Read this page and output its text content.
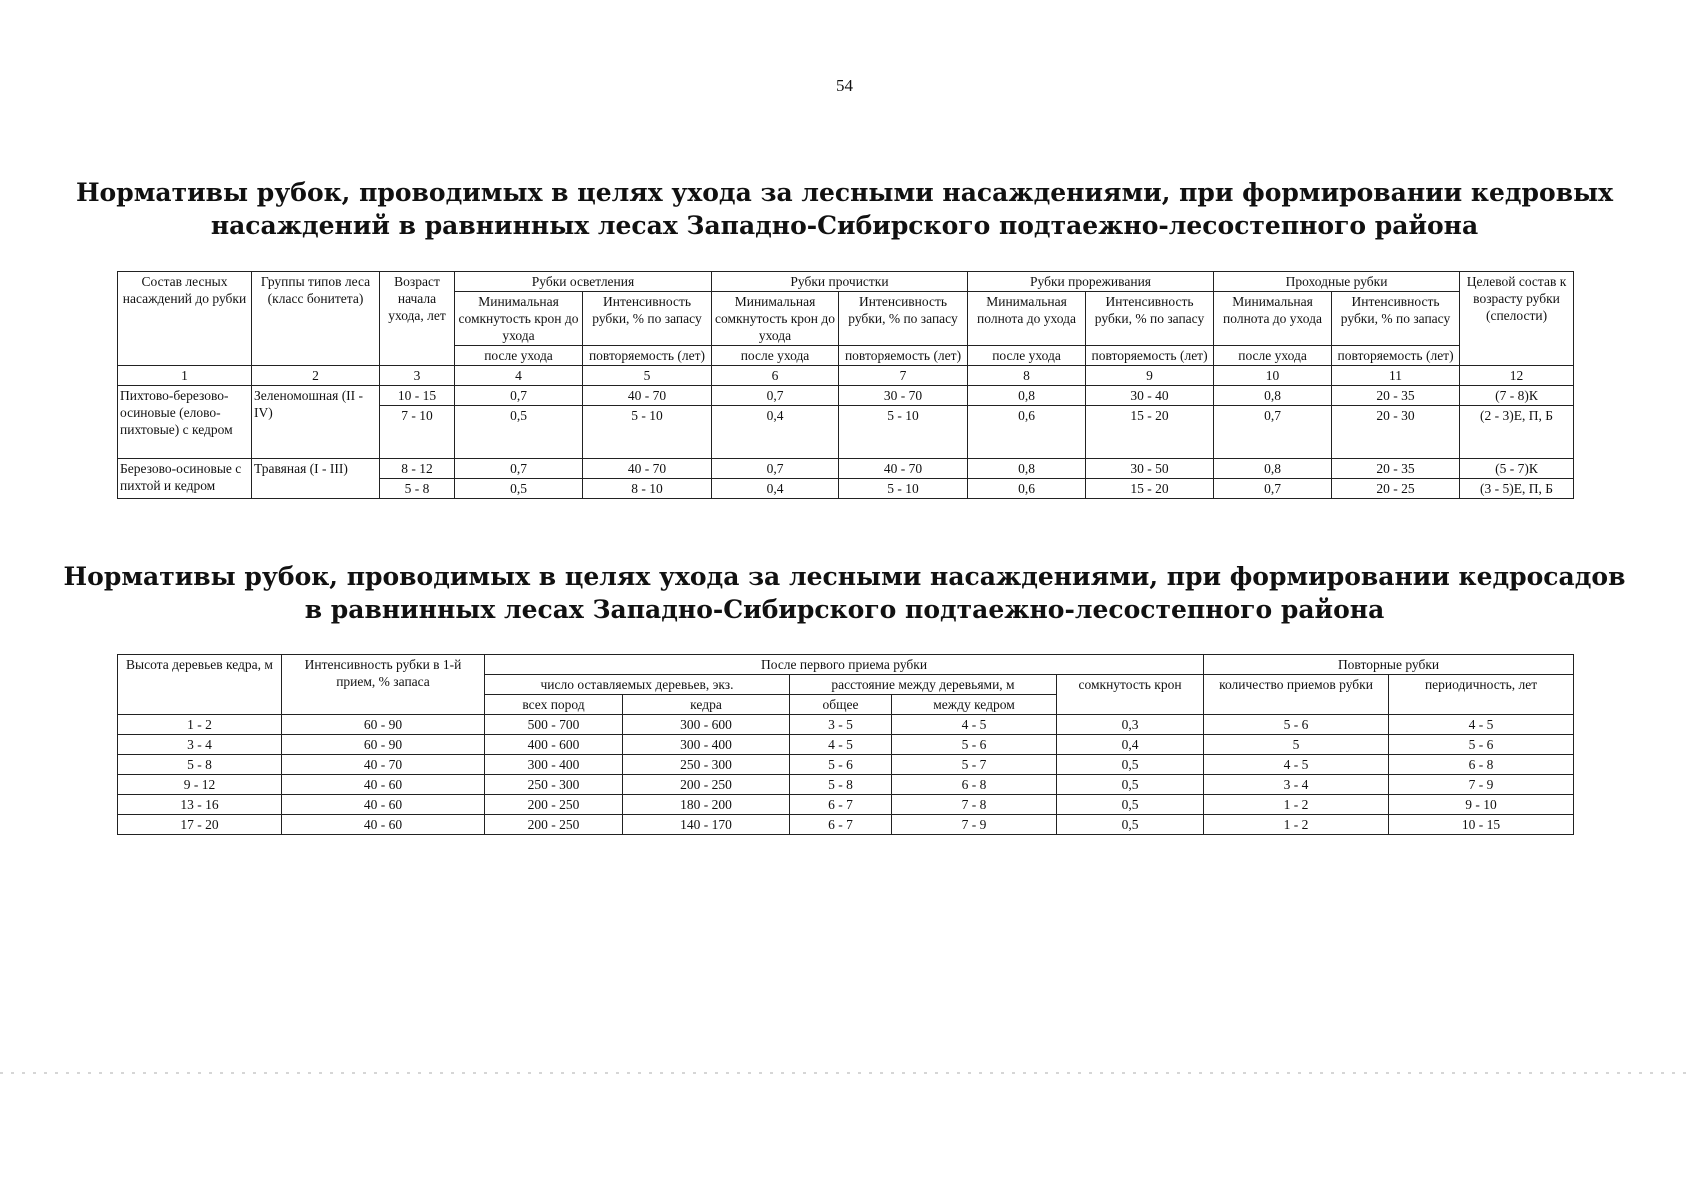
54
Нормативы рубок, проводимых в целях ухода за лесными насаждениями, при формировании кедровых
насаждений в равнинных лесах Западно-Сибирского подтаежно-лесостепного района
Состав лесных насаждений до рубки	Группы типов леса (класс бонитета)	Возраст начала ухода, лет	Рубки осветления		Рубки прочистки		Рубки прореживания		Проходные рубки		Целевой состав к возрасту рубки (спелости)
			Минимальная сомкнутость крон до ухода	Интенсивность рубки, % по запасу	Минимальная сомкнутость крон до ухода	Интенсивность рубки, % по запасу	Минимальная полнота до ухода	Интенсивность рубки, % по запасу	Минимальная полнота до ухода	Интенсивность рубки, % по запасу	
			после ухода	повторяемость (лет)	после ухода	повторяемость (лет)	после ухода	повторяемость (лет)	после ухода	повторяемость (лет)	
1	2	3	4	5	6	7	8	9	10	11	12
Пихтово-березово-осиновые (елово-пихтовые) с кедром	Зеленомошная (II - IV)	10 - 15	0,7	40 - 70	0,7	30 - 70	0,8	30 - 40	0,8	20 - 35	(7 - 8)К
		7 - 10	0,5	5 - 10	0,4	5 - 10	0,6	15 - 20	0,7	20 - 30	(2 - 3)Е, П, Б
Березово-осиновые с пихтой и кедром	Травяная (I - III)	8 - 12	0,7	40 - 70	0,7	40 - 70	0,8	30 - 50	0,8	20 - 35	(5 - 7)К
		5 - 8	0,5	8 - 10	0,4	5 - 10	0,6	15 - 20	0,7	20 - 25	(3 - 5)Е, П, Б
Нормативы рубок, проводимых в целях ухода за лесными насаждениями, при формировании кедросадов
в равнинных лесах Западно-Сибирского подтаежно-лесостепного района
Высота деревьев кедра, м	Интенсивность рубки в 1-й прием, % запаса	После первого приема рубки					Повторные рубки	
		число оставляемых деревьев, экз.		расстояние между деревьями, м		сомкнутость крон	количество приемов рубки	периодичность, лет
		всех пород	кедра	общее	между кедром			
1 - 2	60 - 90	500 - 700	300 - 600	3 - 5	4 - 5	0,3	5 - 6	4 - 5
3 - 4	60 - 90	400 - 600	300 - 400	4 - 5	5 - 6	0,4	5	5 - 6
5 - 8	40 - 70	300 - 400	250 - 300	5 - 6	5 - 7	0,5	4 - 5	6 - 8
9 - 12	40 - 60	250 - 300	200 - 250	5 - 8	6 - 8	0,5	3 - 4	7 - 9
13 - 16	40 - 60	200 - 250	180 - 200	6 - 7	7 - 8	0,5	1 - 2	9 - 10
17 - 20	40 - 60	200 - 250	140 - 170	6 - 7	7 - 9	0,5	1 - 2	10 - 15
